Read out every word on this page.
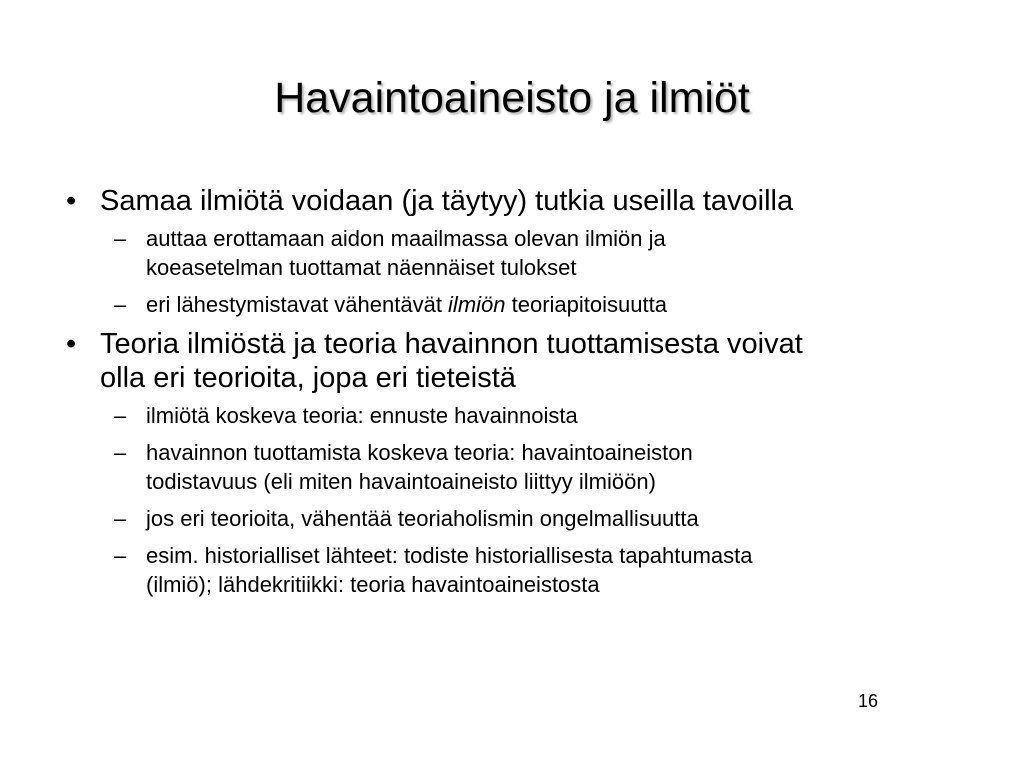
Havaintoaineisto ja ilmiöt
• Samaa ilmiötä voidaan (ja täytyy) tutkia useilla tavoilla
– auttaa erottamaan aidon maailmassa olevan ilmiön ja
koeasetelman tuottamat näennäiset tulokset
– eri lähestymistavat vähentävät ilmiön teoriapitoisuutta
• Teoria ilmiöstä ja teoria havainnon tuottamisesta voivat
olla eri teorioita, jopa eri tieteistä
– ilmiötä koskeva teoria: ennuste havainnoista
– havainnon tuottamista koskeva teoria: havaintoaineiston
todistavuus (eli miten havaintoaineisto liittyy ilmiöön)
– jos eri teorioita, vähentää teoriaholismin ongelmallisuutta
– esim. historialliset lähteet: todiste historiallisesta tapahtumasta
(ilmiö); lähdekritiikki: teoria havaintoaineistosta
16
